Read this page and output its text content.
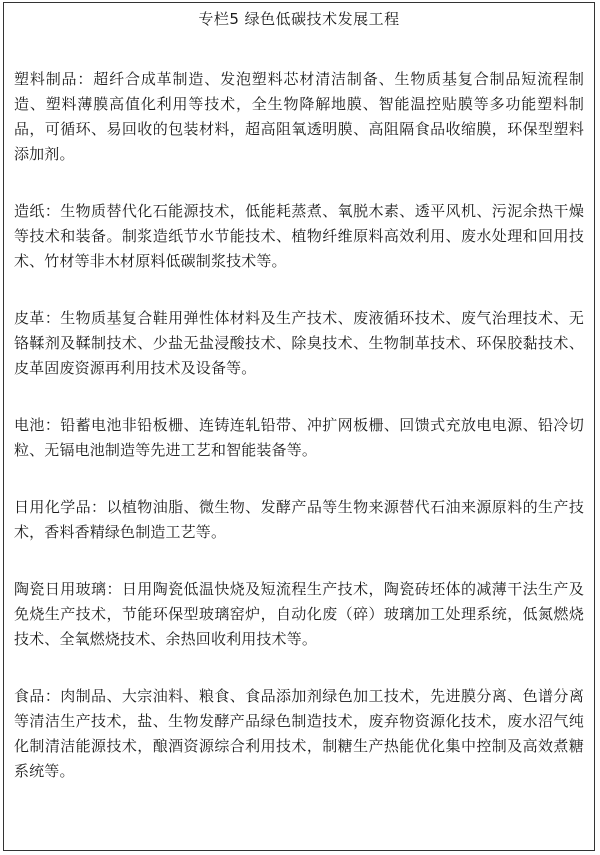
专栏5 绿色低碳技术发展工程

塑料制品：超纤合成革制造、发泡塑料芯材清洁制备、生物质基复合制品短流程制造、塑料薄膜高值化利用等技术，全生物降解地膜、智能温控贴膜等多功能塑料制品，可循环、易回收的包装材料，超高阻氧透明膜、高阻隔食品收缩膜，环保型塑料添加剂。

造纸：生物质替代化石能源技术，低能耗蒸煮、氧脱木素、透平风机、污泥余热干燥等技术和装备。制浆造纸节水节能技术、植物纤维原料高效利用、废水处理和回用技术、竹材等非木材原料低碳制浆技术等。

皮革：生物质基复合鞋用弹性体材料及生产技术、废液循环技术、废气治理技术、无铬鞣剂及鞣制技术、少盐无盐浸酸技术、除臭技术、生物制革技术、环保胶黏技术、皮革固废资源再利用技术及设备等。

电池：铅蓄电池非铅板栅、连铸连轧铅带、冲扩网板栅、回馈式充放电电源、铅冷切粒、无镉电池制造等先进工艺和智能装备等。

日用化学品：以植物油脂、微生物、发酵产品等生物来源替代石油来源原料的生产技术，香料香精绿色制造工艺等。

陶瓷日用玻璃：日用陶瓷低温快烧及短流程生产技术，陶瓷砖坯体的减薄干法生产及免烧生产技术，节能环保型玻璃窑炉，自动化废（碎）玻璃加工处理系统，低氮燃烧技术、全氧燃烧技术、余热回收利用技术等。

食品：肉制品、大宗油料、粮食、食品添加剂绿色加工技术，先进膜分离、色谱分离等清洁生产技术，盐、生物发酵产品绿色制造技术，废弃物资源化技术，废水沼气纯化制清洁能源技术，酿酒资源综合利用技术，制糖生产热能优化集中控制及高效煮糖系统等。
